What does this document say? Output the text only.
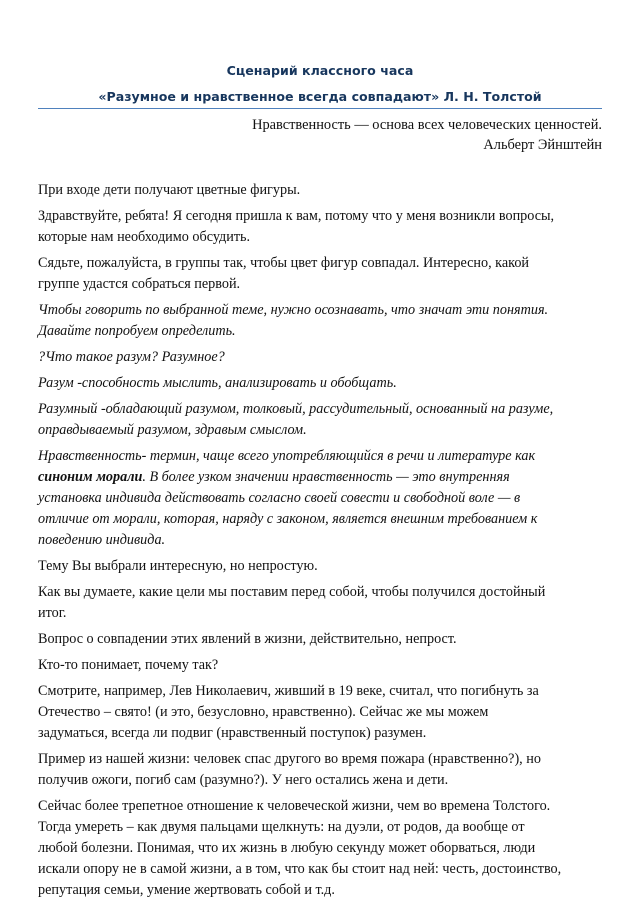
Сценарий классного часа
«Разумное и нравственное всегда совпадают» Л. Н. Толстой
Нравственность — основа всех человеческих ценностей.
Альберт Эйнштейн

При входе дети получают цветные фигуры.

Здравствуйте, ребята! Я сегодня пришла к вам, потому что у меня возникли вопросы,
которые нам необходимо обсудить.

Сядьте, пожалуйста, в группы так, чтобы цвет фигур совпадал. Интересно, какой
группе удастся собраться первой.

Чтобы говорить по выбранной теме, нужно осознавать, что значат эти понятия.
Давайте попробуем определить.

?Что такое разум? Разумное?

Разум -способность мыслить, анализировать и обобщать.

Разумный -обладающий разумом, толковый, рассудительный, основанный на разуме,
оправдываемый разумом, здравым смыслом.

Нравственность- термин, чаще всего употребляющийся в речи и литературе как
синоним морали. В более узком значении нравственность — это внутренняя
установка индивида действовать согласно своей совести и свободной воле — в
отличие от морали, которая, наряду с законом, является внешним требованием к
поведению индивида.

Тему Вы выбрали интересную, но непростую.

Как вы думаете, какие цели мы поставим перед собой, чтобы получился достойный
итог.

Вопрос о совпадении этих явлений в жизни, действительно, непрост.

Кто-то понимает, почему так?

Смотрите, например, Лев Николаевич, живший в 19 веке, считал, что погибнуть за
Отечество – свято! (и это, безусловно, нравственно). Сейчас же мы можем
задуматься, всегда ли подвиг (нравственный поступок) разумен.

Пример из нашей жизни: человек спас другого во время пожара (нравственно?), но
получив ожоги, погиб сам (разумно?). У него остались жена и дети.

Сейчас более трепетное отношение к человеческой жизни, чем во времена Толстого.
Тогда умереть – как двумя пальцами щелкнуть: на дуэли, от родов, да вообще от
любой болезни. Понимая, что их жизнь в любую секунду может оборваться, люди
искали опору не в самой жизни, а в том, что как бы стоит над ней: честь, достоинство,
репутация семьи, умение жертвовать собой и т.д.
